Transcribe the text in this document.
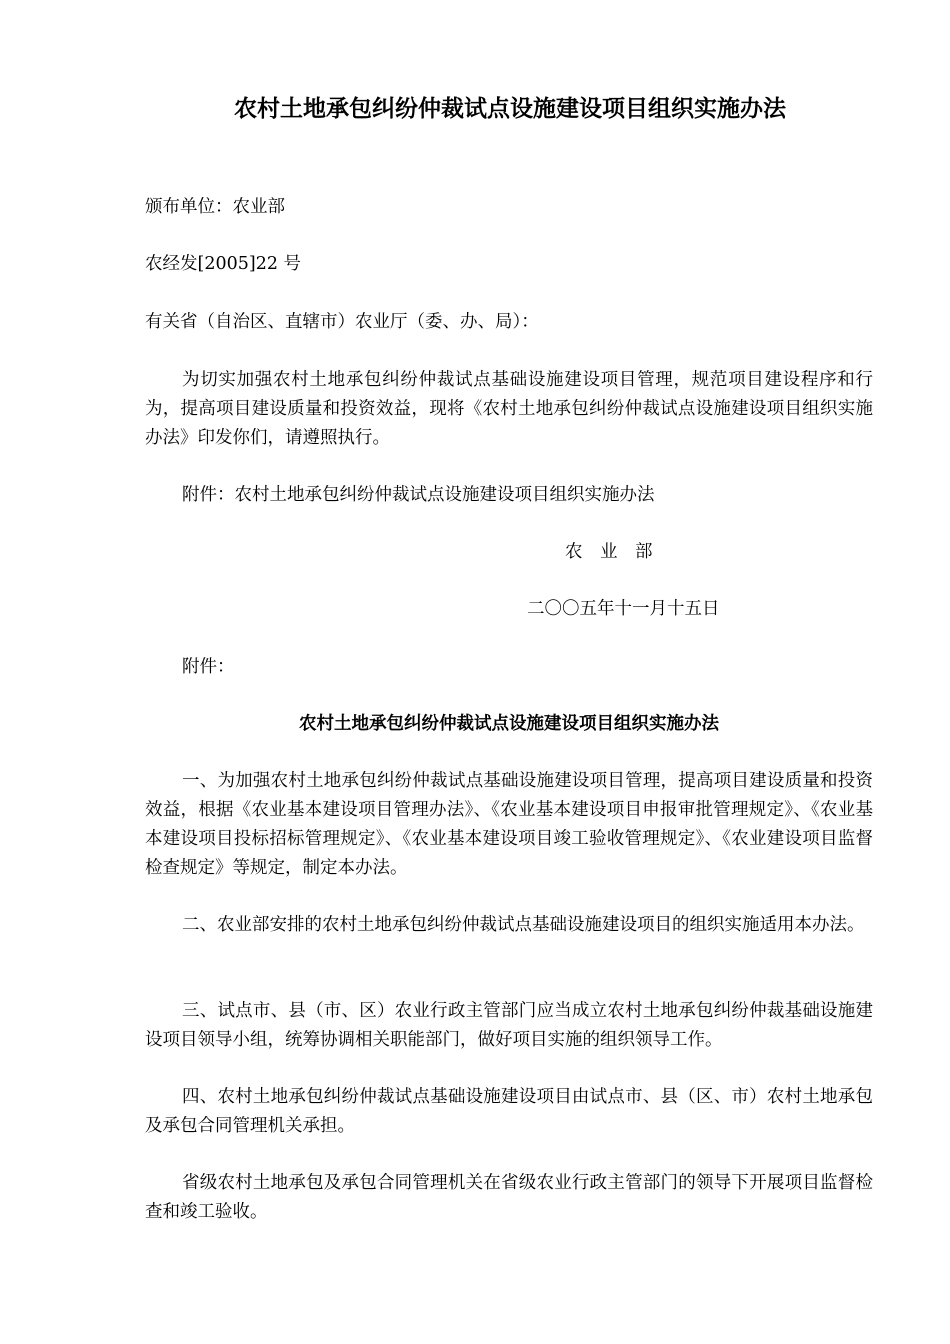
农村土地承包纠纷仲裁试点设施建设项目组织实施办法
颁布单位：农业部
农经发[2005]22 号
有关省（自治区、直辖市）农业厅（委、办、局）：
为切实加强农村土地承包纠纷仲裁试点基础设施建设项目管理，规范项目建设程序和行为，提高项目建设质量和投资效益，现将《农村土地承包纠纷仲裁试点设施建设项目组织实施办法》印发你们，请遵照执行。
附件：农村土地承包纠纷仲裁试点设施建设项目组织实施办法
农　业　部
二〇〇五年十一月十五日
附件：
农村土地承包纠纷仲裁试点设施建设项目组织实施办法
一、为加强农村土地承包纠纷仲裁试点基础设施建设项目管理，提高项目建设质量和投资效益，根据《农业基本建设项目管理办法》、《农业基本建设项目申报审批管理规定》、《农业基本建设项目投标招标管理规定》、《农业基本建设项目竣工验收管理规定》、《农业建设项目监督检查规定》等规定，制定本办法。
二、农业部安排的农村土地承包纠纷仲裁试点基础设施建设项目的组织实施适用本办法。
三、试点市、县（市、区）农业行政主管部门应当成立农村土地承包纠纷仲裁基础设施建设项目领导小组，统筹协调相关职能部门，做好项目实施的组织领导工作。
四、农村土地承包纠纷仲裁试点基础设施建设项目由试点市、县（区、市）农村土地承包及承包合同管理机关承担。
省级农村土地承包及承包合同管理机关在省级农业行政主管部门的领导下开展项目监督检查和竣工验收。
